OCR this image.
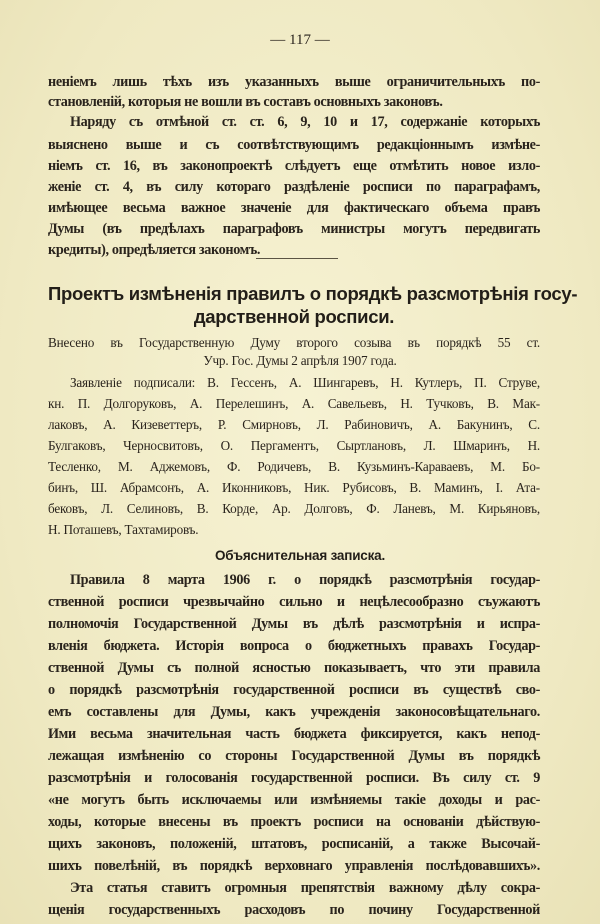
— 117 —
неніемъ лишь тѣхъ изъ указанныхъ выше ограничительныхъ по-
становленій, которыя не вошли въ составъ основныхъ законовъ.
Наряду съ отмѣной ст. ст. 6, 9, 10 и 17, содержаніе которыхъ
выяснено выше и съ соотвѣтствующимъ редакціоннымъ измѣне-
ніемъ ст. 16, въ законопроектѣ слѣдуетъ еще отмѣтить новое изло-
женіе ст. 4, въ силу котораго раздѣленіе росписи по параграфамъ,
имѣющее весьма важное значеніе для фактическаго объема правъ
Думы (въ предѣлахъ параграфовъ министры могутъ передвигать
кредиты), опредѣляется закономъ.
Проектъ измѣненія правилъ о порядкѣ разсмотрѣнія госу-
дарственной росписи.
Внесено въ Государственную Думу второго созыва въ порядкѣ 55 ст.
Учр. Гос. Думы 2 апрѣля 1907 года.
Заявленіе подписали: В. Гессенъ, А. Шингаревъ, Н. Кутлеръ, П. Струве,
кн. П. Долгоруковъ, А. Перелешинъ, А. Савельевъ, Н. Тучковъ, В. Мак-
лаковъ, А. Кизеветтеръ, Р. Смирновъ, Л. Рабиновичъ, А. Бакунинъ, С.
Булгаковъ, Черносвитовъ, О. Пергаментъ, Сыртлановъ, Л. Шмаринъ, Н.
Тесленко, М. Аджемовъ, Ф. Родичевъ, В. Кузьминъ-Караваевъ, М. Бо-
бинъ, Ш. Абрамсонъ, А. Иконниковъ, Ник. Рубисовъ, В. Маминъ, І. Ата-
бековъ, Л. Селиновъ, В. Корде, Ар. Долговъ, Ф. Ланевъ, М. Кирьяновъ,
Н. Поташевъ, Тахтамировъ.
Объяснительная записка.
Правила 8 марта 1906 г. о порядкѣ разсмотрѣнія государ-
ственной росписи чрезвычайно сильно и нецѣлесообразно съужаютъ
полномочія Государственной Думы въ дѣлѣ разсмотрѣнія и испра-
вленія бюджета. Исторія вопроса о бюджетныхъ правахъ Государ-
ственной Думы съ полной ясностью показываетъ, что эти правила
о порядкѣ разсмотрѣнія государственной росписи въ существѣ сво-
емъ составлены для Думы, какъ учрежденія законосовѣщательнаго.
Ими весьма значительная часть бюджета фиксируется, какъ непод-
лежащая измѣненію со стороны Государственной Думы въ порядкѣ
разсмотрѣнія и голосованія государственной росписи. Въ силу ст. 9
«не могутъ быть исключаемы или измѣняемы такіе доходы и рас-
ходы, которые внесены въ проектъ росписи на основаніи дѣйствую-
щихъ законовъ, положеній, штатовъ, росписаній, а также Высочай-
шихъ повелѣній, въ порядкѣ верховнаго управленія послѣдовавшихъ».
Эта статья ставитъ огромныя препятствія важному дѣлу сокра-
щенія государственныхъ расходовъ по почину Государственной
